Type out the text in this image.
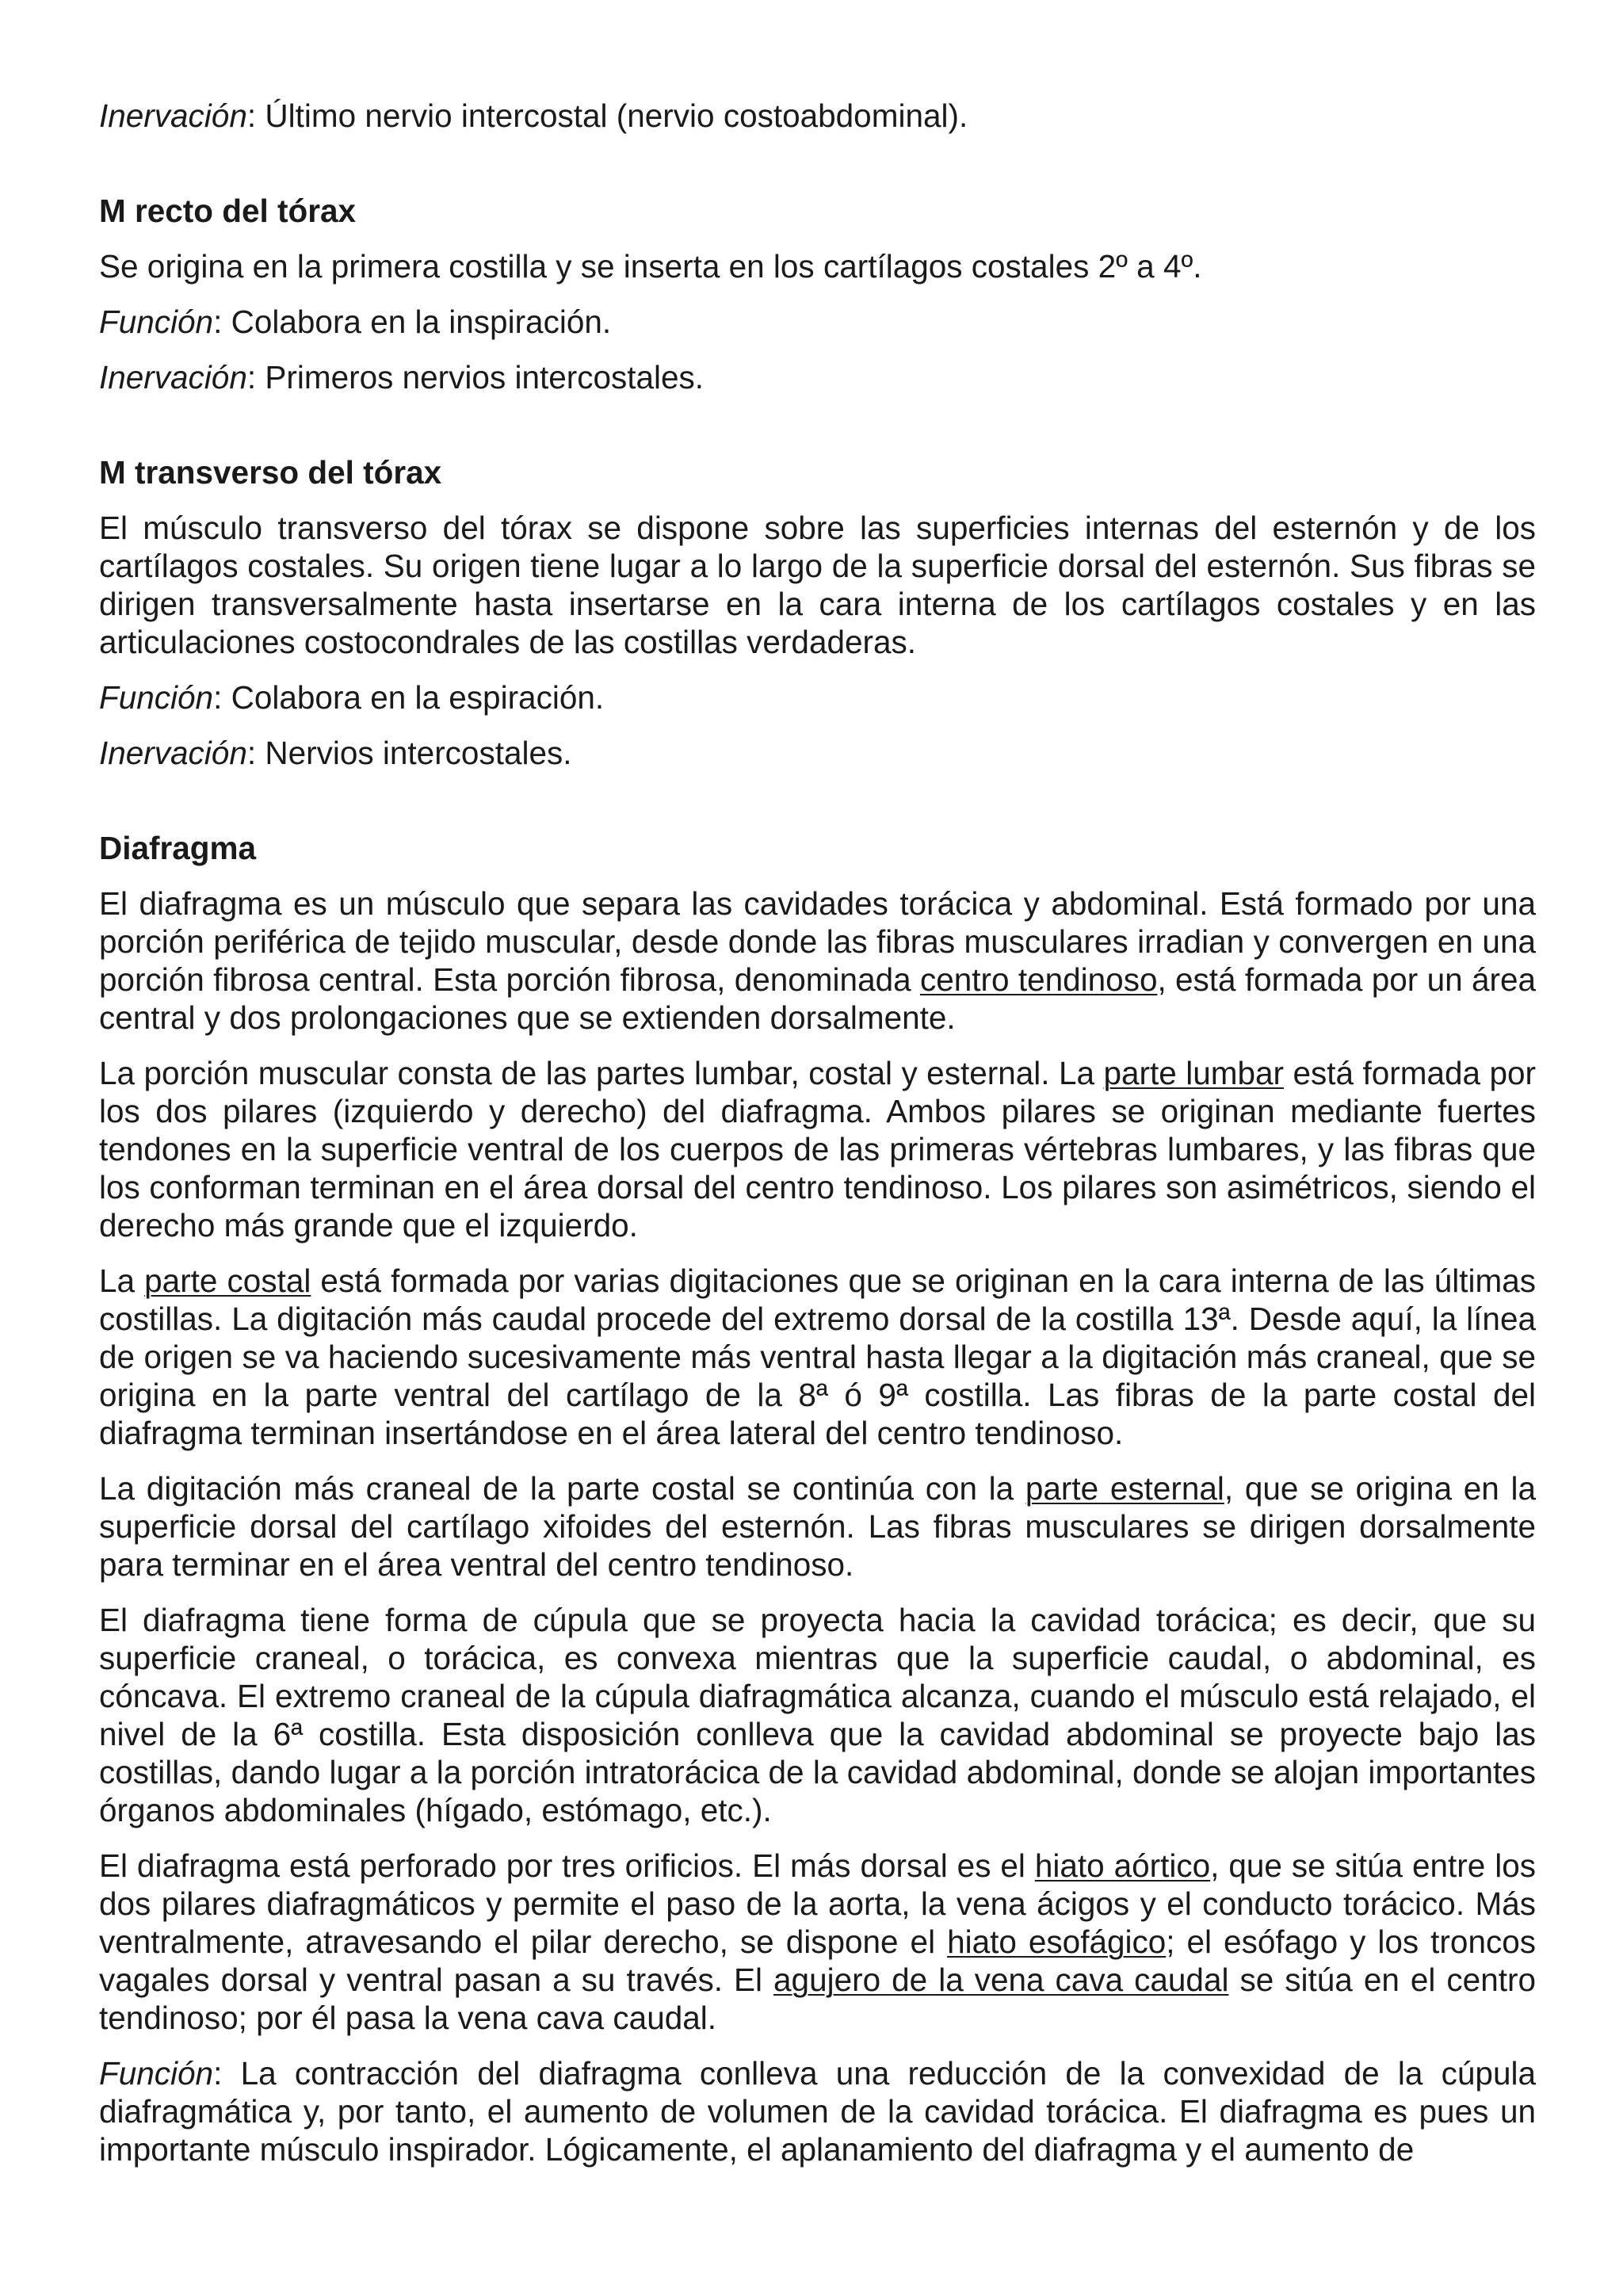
Inervación: Último nervio intercostal (nervio costoabdominal).

M recto del tórax

Se origina en la primera costilla y se inserta en los cartílagos costales 2º a 4º.

Función: Colabora en la inspiración.

Inervación: Primeros nervios intercostales.

M transverso del tórax

El músculo transverso del tórax se dispone sobre las superficies internas del esternón y de los cartílagos costales. Su origen tiene lugar a lo largo de la superficie dorsal del esternón. Sus fibras se dirigen transversalmente hasta insertarse en la cara interna de los cartílagos costales y en las articulaciones costocondrales de las costillas verdaderas.

Función: Colabora en la espiración.

Inervación: Nervios intercostales.

Diafragma

El diafragma es un músculo que separa las cavidades torácica y abdominal. Está formado por una porción periférica de tejido muscular, desde donde las fibras musculares irradian y convergen en una porción fibrosa central. Esta porción fibrosa, denominada centro tendinoso, está formada por un área central y dos prolongaciones que se extienden dorsalmente.

La porción muscular consta de las partes lumbar, costal y esternal. La parte lumbar está formada por los dos pilares (izquierdo y derecho) del diafragma. Ambos pilares se originan mediante fuertes tendones en la superficie ventral de los cuerpos de las primeras vértebras lumbares, y las fibras que los conforman terminan en el área dorsal del centro tendinoso. Los pilares son asimétricos, siendo el derecho más grande que el izquierdo.

La parte costal está formada por varias digitaciones que se originan en la cara interna de las últimas costillas. La digitación más caudal procede del extremo dorsal de la costilla 13ª. Desde aquí, la línea de origen se va haciendo sucesivamente más ventral hasta llegar a la digitación más craneal, que se origina en la parte ventral del cartílago de la 8ª ó 9ª costilla. Las fibras de la parte costal del diafragma terminan insertándose en el área lateral del centro tendinoso.

La digitación más craneal de la parte costal se continúa con la parte esternal, que se origina en la superficie dorsal del cartílago xifoides del esternón. Las fibras musculares se dirigen dorsalmente para terminar en el área ventral del centro tendinoso.

El diafragma tiene forma de cúpula que se proyecta hacia la cavidad torácica; es decir, que su superficie craneal, o torácica, es convexa mientras que la superficie caudal, o abdominal, es cóncava. El extremo craneal de la cúpula diafragmática alcanza, cuando el músculo está relajado, el nivel de la 6ª costilla. Esta disposición conlleva que la cavidad abdominal se proyecte bajo las costillas, dando lugar a la porción intratorácica de la cavidad abdominal, donde se alojan importantes órganos abdominales (hígado, estómago, etc.).

El diafragma está perforado por tres orificios. El más dorsal es el hiato aórtico, que se sitúa entre los dos pilares diafragmáticos y permite el paso de la aorta, la vena ácigos y el conducto torácico. Más ventralmente, atravesando el pilar derecho, se dispone el hiato esofágico; el esófago y los troncos vagales dorsal y ventral pasan a su través. El agujero de la vena cava caudal se sitúa en el centro tendinoso; por él pasa la vena cava caudal.

Función: La contracción del diafragma conlleva una reducción de la convexidad de la cúpula diafragmática y, por tanto, el aumento de volumen de la cavidad torácica. El diafragma es pues un importante músculo inspirador. Lógicamente, el aplanamiento del diafragma y el aumento de
